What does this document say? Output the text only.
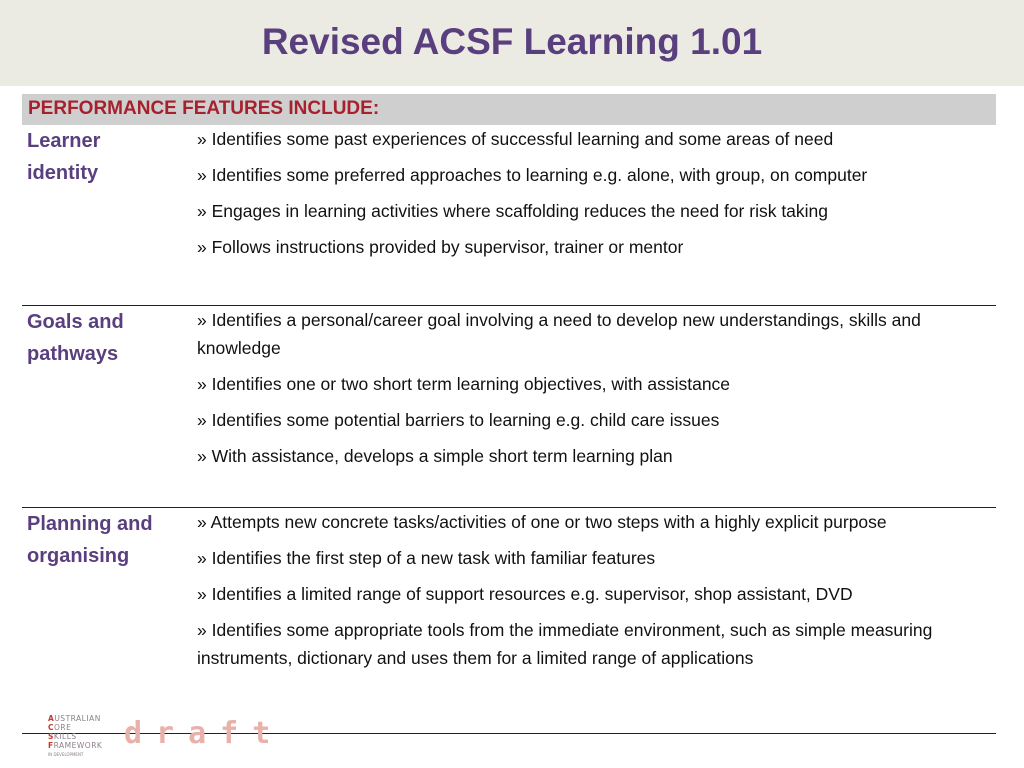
Revised ACSF Learning 1.01
PERFORMANCE FEATURES INCLUDE:
Learner
identity
» Identifies some past experiences of successful learning and some areas of need
» Identifies some preferred approaches to learning e.g. alone, with group, on computer
» Engages in learning activities where scaffolding reduces the need for risk taking
» Follows instructions provided by supervisor, trainer or mentor
Goals and
pathways
» Identifies a personal/career goal involving a need to develop new understandings, skills and knowledge
» Identifies one or two short term learning objectives, with assistance
» Identifies some potential barriers to learning e.g. child care issues
» With assistance, develops a simple short term learning plan
Planning and
organising
» Attempts new concrete tasks/activities of one or two steps with a highly explicit purpose
» Identifies the first step of a new task with familiar features
» Identifies a limited range of support resources e.g. supervisor, shop assistant, DVD
» Identifies some appropriate tools from the immediate environment, such as simple measuring instruments, dictionary and uses them for a limited range of applications
AUSTRALIAN
CORE
SKILLS
FRAMEWORK
IN DEVELOPMENT
draft
